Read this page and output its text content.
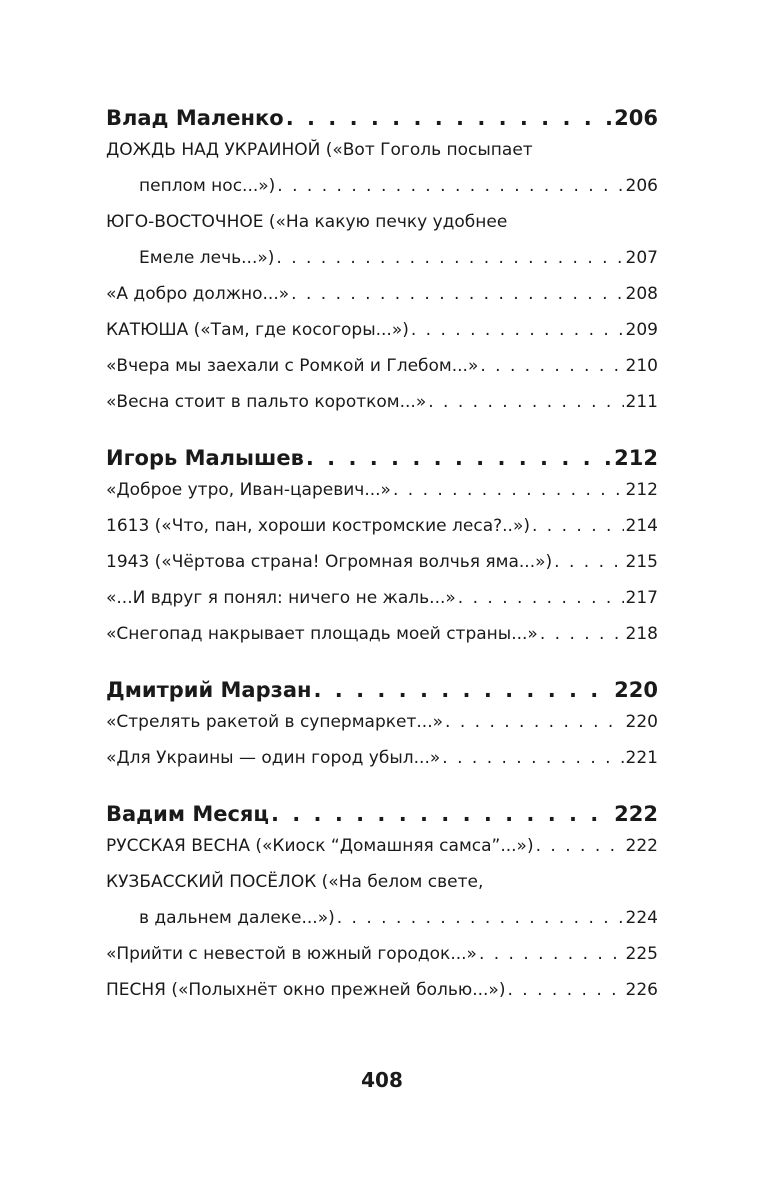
Влад Маленко . . .	206
ДОЖДЬ НАД УКРАИНОЙ («Вот Гоголь посыпает
пеплом нос...») . . .	206
ЮГО-ВОСТОЧНОЕ («На какую печку удобнее
Емеле лечь...») . . .	207
«А добро должно...» . . .	208
КАТЮША («Там, где косогоры...») . . .	209
«Вчера мы заехали с Ромкой и Глебом...» . . .	210
«Весна стоит в пальто коротком...» . . .	211
Игорь Малышев . . .	212
«Доброе утро, Иван-царевич...» . . .	212
1613 («Что, пан, хороши костромские леса?..») . . .	214
1943 («Чёртова страна! Огромная волчья яма...») . . .	215
«...И вдруг я понял: ничего не жаль...» . . .	217
«Снегопад накрывает площадь моей страны...» . . .	218
Дмитрий Марзан . . .	220
«Стрелять ракетой в супермаркет...» . . .	220
«Для Украины — один город убыл...» . . .	221
Вадим Месяц . . .	222
РУССКАЯ ВЕСНА («Киоск “Домашняя самса”...») . . .	222
КУЗБАССКИЙ ПОСЁЛОК («На белом свете,
в дальнем далеке...») . . .	224
«Прийти с невестой в южный городок...» . . .	225
ПЕСНЯ («Полыхнёт окно прежней болью...») . . .	226
408
